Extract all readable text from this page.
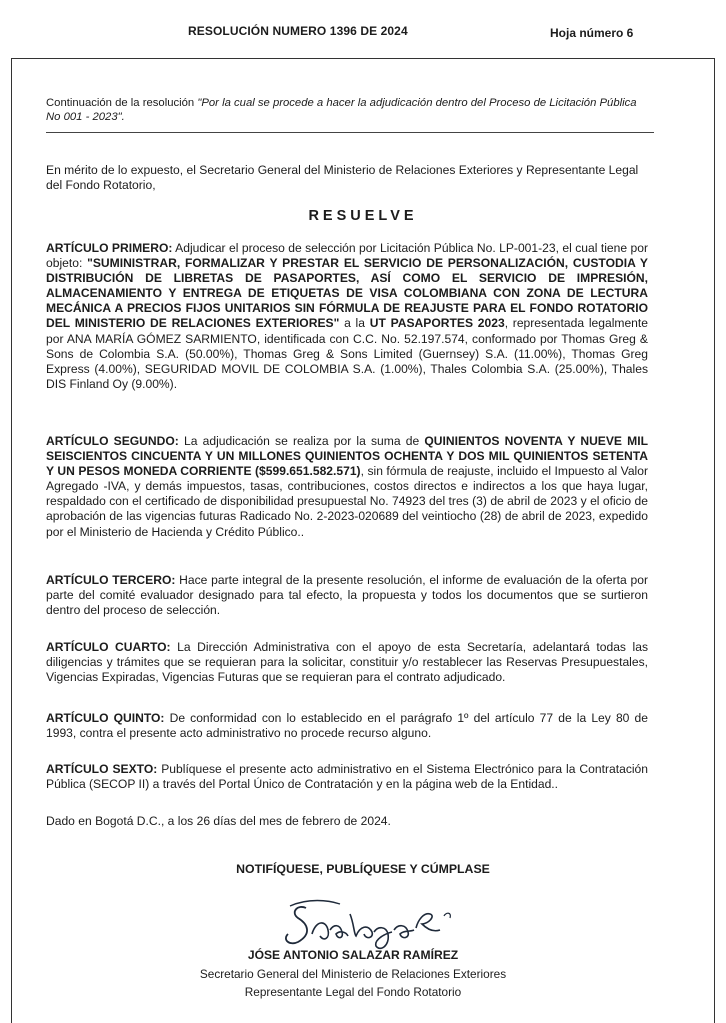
RESOLUCIÓN NUMERO 1396 DE 2024	Hoja número 6
Continuación de la resolución "Por la cual se procede a hacer la adjudicación dentro del Proceso de Licitación Pública No 001 - 2023".
En mérito de lo expuesto, el Secretario General del Ministerio de Relaciones Exteriores y Representante Legal del Fondo Rotatorio,
RESUELVE
ARTÍCULO PRIMERO: Adjudicar el proceso de selección por Licitación Pública No. LP-001-23, el cual tiene por objeto: "SUMINISTRAR, FORMALIZAR Y PRESTAR EL SERVICIO DE PERSONALIZACIÓN, CUSTODIA Y DISTRIBUCIÓN DE LIBRETAS DE PASAPORTES, ASÍ COMO EL SERVICIO DE IMPRESIÓN, ALMACENAMIENTO Y ENTREGA DE ETIQUETAS DE VISA COLOMBIANA CON ZONA DE LECTURA MECÁNICA A PRECIOS FIJOS UNITARIOS SIN FÓRMULA DE REAJUSTE PARA EL FONDO ROTATORIO DEL MINISTERIO DE RELACIONES EXTERIORES" a la UT PASAPORTES 2023, representada legalmente por ANA MARÍA GÓMEZ SARMIENTO, identificada con C.C. No. 52.197.574, conformado por Thomas Greg & Sons de Colombia S.A. (50.00%), Thomas Greg & Sons Limited (Guernsey) S.A. (11.00%), Thomas Greg Express (4.00%), SEGURIDAD MOVIL DE COLOMBIA S.A. (1.00%), Thales Colombia S.A. (25.00%), Thales DIS Finland Oy (9.00%).
ARTÍCULO SEGUNDO: La adjudicación se realiza por la suma de QUINIENTOS NOVENTA Y NUEVE MIL SEISCIENTOS CINCUENTA Y UN MILLONES QUINIENTOS OCHENTA Y DOS MIL QUINIENTOS SETENTA Y UN PESOS MONEDA CORRIENTE ($599.651.582.571), sin fórmula de reajuste, incluido el Impuesto al Valor Agregado -IVA, y demás impuestos, tasas, contribuciones, costos directos e indirectos a los que haya lugar, respaldado con el certificado de disponibilidad presupuestal No. 74923 del tres (3) de abril de 2023 y el oficio de aprobación de las vigencias futuras Radicado No. 2-2023-020689 del veintiocho (28) de abril de 2023, expedido por el Ministerio de Hacienda y Crédito Público..
ARTÍCULO TERCERO: Hace parte integral de la presente resolución, el informe de evaluación de la oferta por parte del comité evaluador designado para tal efecto, la propuesta y todos los documentos que se surtieron dentro del proceso de selección.
ARTÍCULO CUARTO: La Dirección Administrativa con el apoyo de esta Secretaría, adelantará todas las diligencias y trámites que se requieran para la solicitar, constituir y/o restablecer las Reservas Presupuestales, Vigencias Expiradas, Vigencias Futuras que se requieran para el contrato adjudicado.
ARTÍCULO QUINTO: De conformidad con lo establecido en el parágrafo 1º del artículo 77 de la Ley 80 de 1993, contra el presente acto administrativo no procede recurso alguno.
ARTÍCULO SEXTO: Publíquese el presente acto administrativo en el Sistema Electrónico para la Contratación Pública (SECOP II) a través del Portal Único de Contratación y en la página web de la Entidad..
Dado en Bogotá D.C., a los 26 días del mes de febrero de 2024.
NOTIFÍQUESE, PUBLÍQUESE Y CÚMPLASE
JÓSE ANTONIO SALAZAR RAMÍREZ
Secretario General del Ministerio de Relaciones Exteriores
Representante Legal del Fondo Rotatorio
